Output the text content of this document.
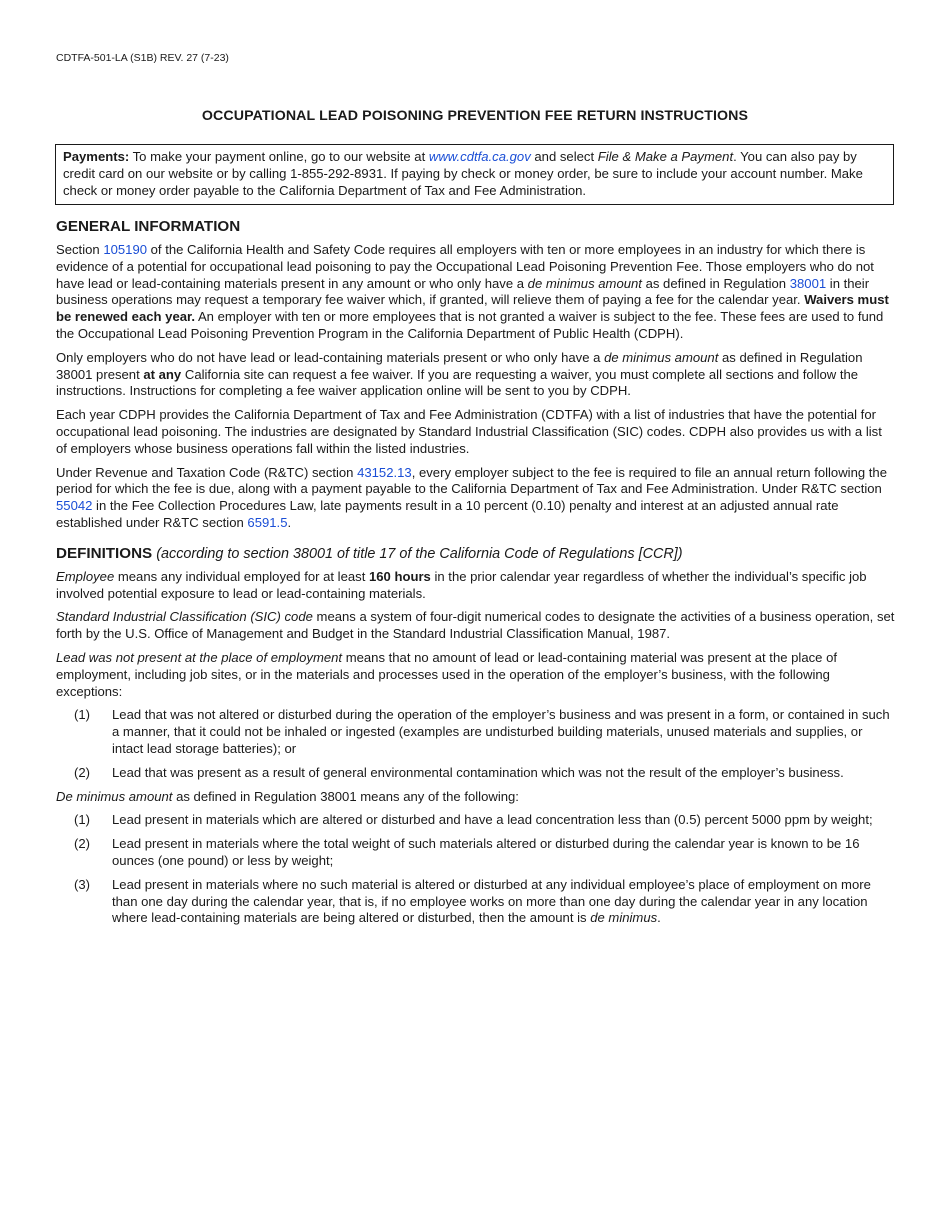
CDTFA-501-LA (S1B) REV. 27 (7-23)
OCCUPATIONAL LEAD POISONING PREVENTION FEE RETURN INSTRUCTIONS
Payments: To make your payment online, go to our website at www.cdtfa.ca.gov and select File & Make a Payment. You can also pay by credit card on our website or by calling 1-855-292-8931. If paying by check or money order, be sure to include your account number. Make check or money order payable to the California Department of Tax and Fee Administration.
GENERAL INFORMATION

Section 105190 of the California Health and Safety Code requires all employers with ten or more employees in an industry for which there is evidence of a potential for occupational lead poisoning to pay the Occupational Lead Poisoning Prevention Fee. Those employers who do not have lead or lead-containing materials present in any amount or who only have a de minimus amount as defined in Regulation 38001 in their business operations may request a temporary fee waiver which, if granted, will relieve them of paying a fee for the calendar year. Waivers must be renewed each year. An employer with ten or more employees that is not granted a waiver is subject to the fee. These fees are used to fund the Occupational Lead Poisoning Prevention Program in the California Department of Public Health (CDPH).

Only employers who do not have lead or lead-containing materials present or who only have a de minimus amount as defined in Regulation 38001 present at any California site can request a fee waiver. If you are requesting a waiver, you must complete all sections and follow the instructions. Instructions for completing a fee waiver application online will be sent to you by CDPH.

Each year CDPH provides the California Department of Tax and Fee Administration (CDTFA) with a list of industries that have the potential for occupational lead poisoning. The industries are designated by Standard Industrial Classification (SIC) codes. CDPH also provides us with a list of employers whose business operations fall within the listed industries.

Under Revenue and Taxation Code (R&TC) section 43152.13, every employer subject to the fee is required to file an annual return following the period for which the fee is due, along with a payment payable to the California Department of Tax and Fee Administration. Under R&TC section 55042 in the Fee Collection Procedures Law, late payments result in a 10 percent (0.10) penalty and interest at an adjusted annual rate established under R&TC section 6591.5.

DEFINITIONS (according to section 38001 of title 17 of the California Code of Regulations [CCR])

Employee means any individual employed for at least 160 hours in the prior calendar year regardless of whether the individual’s specific job involved potential exposure to lead or lead-containing materials.

Standard Industrial Classification (SIC) code means a system of four-digit numerical codes to designate the activities of a business operation, set forth by the U.S. Office of Management and Budget in the Standard Industrial Classification Manual, 1987.

Lead was not present at the place of employment means that no amount of lead or lead-containing material was present at the place of employment, including job sites, or in the materials and processes used in the operation of the employer’s business, with the following exceptions:

(1)	Lead that was not altered or disturbed during the operation of the employer’s business and was present in a form, or contained in such a manner, that it could not be inhaled or ingested (examples are undisturbed building materials, unused materials and supplies, or intact lead storage batteries); or
(2)	Lead that was present as a result of general environmental contamination which was not the result of the employer’s business.

De minimus amount as defined in Regulation 38001 means any of the following:

(1)	Lead present in materials which are altered or disturbed and have a lead concentration less than (0.5) percent 5000 ppm by weight;
(2)	Lead present in materials where the total weight of such materials altered or disturbed during the calendar year is known to be 16 ounces (one pound) or less by weight;
(3)	Lead present in materials where no such material is altered or disturbed at any individual employee’s place of employment on more than one day during the calendar year, that is, if no employee works on more than one day during the calendar year in any location where lead-containing materials are being altered or disturbed, then the amount is de minimus.
